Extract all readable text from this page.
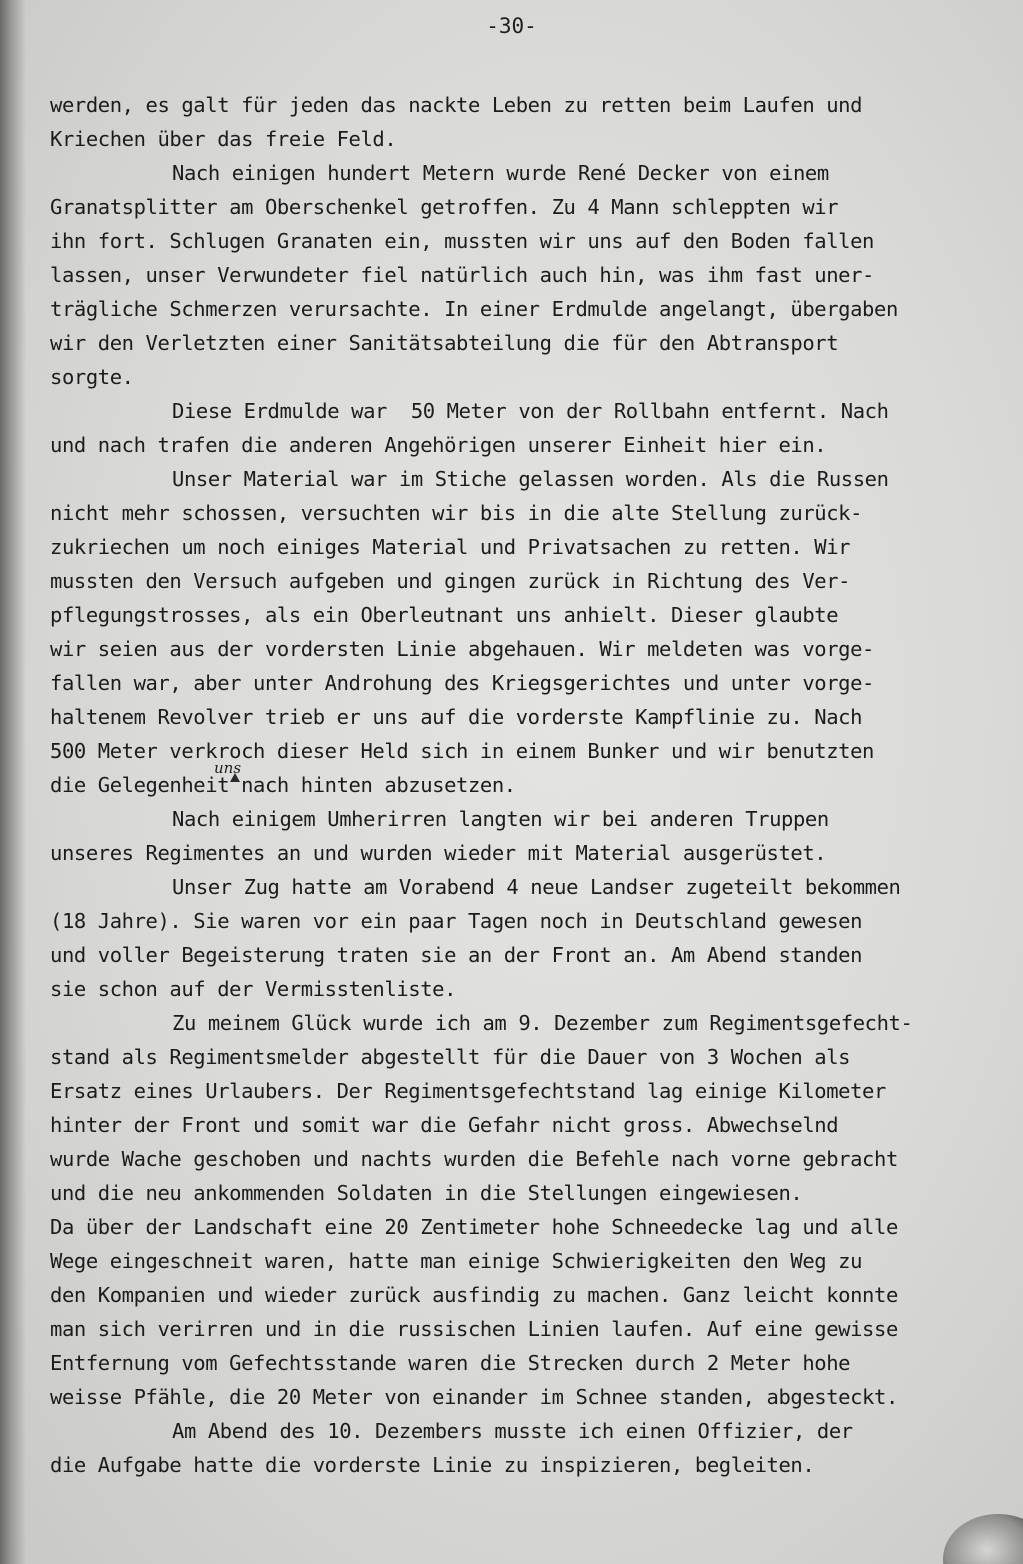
-30-
werden, es galt für jeden das nackte Leben zu retten beim Laufen und
Kriechen über das freie Feld.
Nach einigen hundert Metern wurde René Decker von einem
Granatsplitter am Oberschenkel getroffen. Zu 4 Mann schleppten wir
ihn fort. Schlugen Granaten ein, mussten wir uns auf den Boden fallen
lassen, unser Verwundeter fiel natürlich auch hin, was ihm fast uner-
trägliche Schmerzen verursachte. In einer Erdmulde angelangt, übergaben
wir den Verletzten einer Sanitätsabteilung die für den Abtransport
sorgte.
Diese Erdmulde war  50 Meter von der Rollbahn entfernt. Nach
und nach trafen die anderen Angehörigen unserer Einheit hier ein.
Unser Material war im Stiche gelassen worden. Als die Russen
nicht mehr schossen, versuchten wir bis in die alte Stellung zurück-
zukriechen um noch einiges Material und Privatsachen zu retten. Wir
mussten den Versuch aufgeben und gingen zurück in Richtung des Ver-
pflegungstrosses, als ein Oberleutnant uns anhielt. Dieser glaubte
wir seien aus der vordersten Linie abgehauen. Wir meldeten was vorge-
fallen war, aber unter Androhung des Kriegsgerichtes und unter vorge-
haltenem Revolver trieb er uns auf die vorderste Kampflinie zu. Nach
500 Meter verkroch dieser Held sich in einem Bunker und wir benutzten
die Gelegenheit nach hinten abzusetzen.
Nach einigem Umherirren langten wir bei anderen Truppen
unseres Regimentes an und wurden wieder mit Material ausgerüstet.
Unser Zug hatte am Vorabend 4 neue Landser zugeteilt bekommen
(18 Jahre). Sie waren vor ein paar Tagen noch in Deutschland gewesen
und voller Begeisterung traten sie an der Front an. Am Abend standen
sie schon auf der Vermisstenliste.
Zu meinem Glück wurde ich am 9. Dezember zum Regimentsgefecht-
stand als Regimentsmelder abgestellt für die Dauer von 3 Wochen als
Ersatz eines Urlaubers. Der Regimentsgefechtstand lag einige Kilometer
hinter der Front und somit war die Gefahr nicht gross. Abwechselnd
wurde Wache geschoben und nachts wurden die Befehle nach vorne gebracht
und die neu ankommenden Soldaten in die Stellungen eingewiesen.
Da über der Landschaft eine 20 Zentimeter hohe Schneedecke lag und alle
Wege eingeschneit waren, hatte man einige Schwierigkeiten den Weg zu
den Kompanien und wieder zurück ausfindig zu machen. Ganz leicht konnte
man sich verirren und in die russischen Linien laufen. Auf eine gewisse
Entfernung vom Gefechtsstande waren die Strecken durch 2 Meter hohe
weisse Pfähle, die 20 Meter von einander im Schnee standen, abgesteckt.
Am Abend des 10. Dezembers musste ich einen Offizier, der
die Aufgabe hatte die vorderste Linie zu inspizieren, begleiten.
uns
